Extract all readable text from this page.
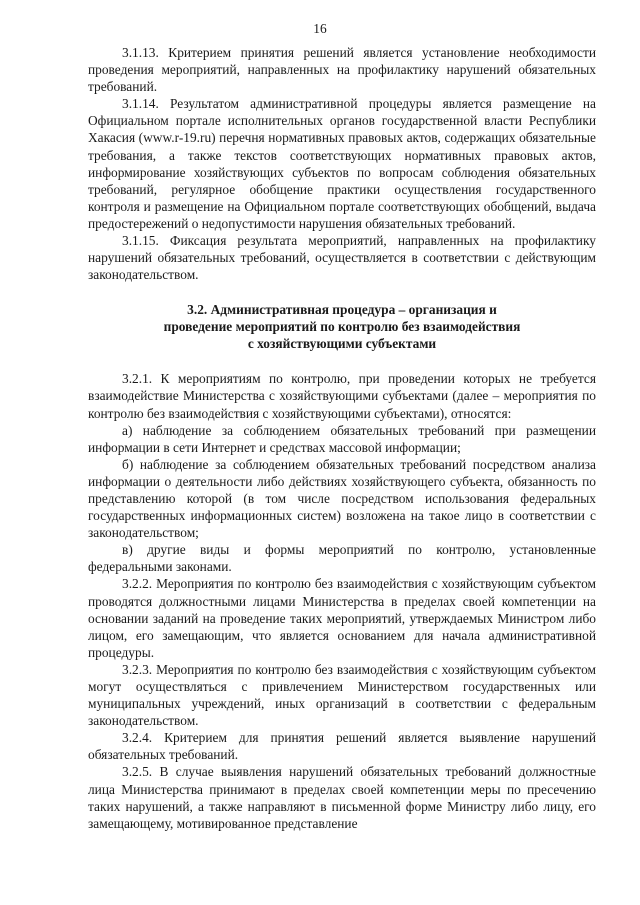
16

3.1.13. Критерием принятия решений является установление необходимости проведения мероприятий, направленных на профилактику нарушений обязательных требований.

3.1.14. Результатом административной процедуры является размещение на Официальном портале исполнительных органов государственной власти Республики Хакасия (www.r-19.ru) перечня нормативных правовых актов, содержащих обязательные требования, а также текстов соответствующих нормативных правовых актов, информирование хозяйствующих субъектов по вопросам соблюдения обязательных требований, регулярное обобщение практики осуществления государственного контроля и размещение на Официальном портале соответствующих обобщений, выдача предостережений о недопустимости нарушения обязательных требований.

3.1.15. Фиксация результата мероприятий, направленных на профилактику нарушений обязательных требований, осуществляется в соответствии с действующим законодательством.

3.2. Административная процедура – организация и
проведение мероприятий по контролю без взаимодействия
с хозяйствующими субъектами

3.2.1. К мероприятиям по контролю, при проведении которых не требуется взаимодействие Министерства с хозяйствующими субъектами (далее – мероприятия по контролю без взаимодействия с хозяйствующими субъектами), относятся:

а) наблюдение за соблюдением обязательных требований при размещении информации в сети Интернет и средствах массовой информации;

б) наблюдение за соблюдением обязательных требований посредством анализа информации о деятельности либо действиях хозяйствующего субъекта, обязанность по представлению которой (в том числе посредством использования федеральных государственных информационных систем) возложена на такое лицо в соответствии с законодательством;

в) другие виды и формы мероприятий по контролю, установленные федеральными законами.

3.2.2. Мероприятия по контролю без взаимодействия с хозяйствующим субъектом проводятся должностными лицами Министерства в пределах своей компетенции на основании заданий на проведение таких мероприятий, утверждаемых Министром либо лицом, его замещающим, что является основанием для начала административной процедуры.

3.2.3. Мероприятия по контролю без взаимодействия с хозяйствующим субъектом могут осуществляться с привлечением Министерством государственных или муниципальных учреждений, иных организаций в соответствии с федеральным законодательством.

3.2.4. Критерием для принятия решений является выявление нарушений обязательных требований.

3.2.5. В случае выявления нарушений обязательных требований должностные лица Министерства принимают в пределах своей компетенции меры по пресечению таких нарушений, а также направляют в письменной форме Министру либо лицу, его замещающему, мотивированное представление
